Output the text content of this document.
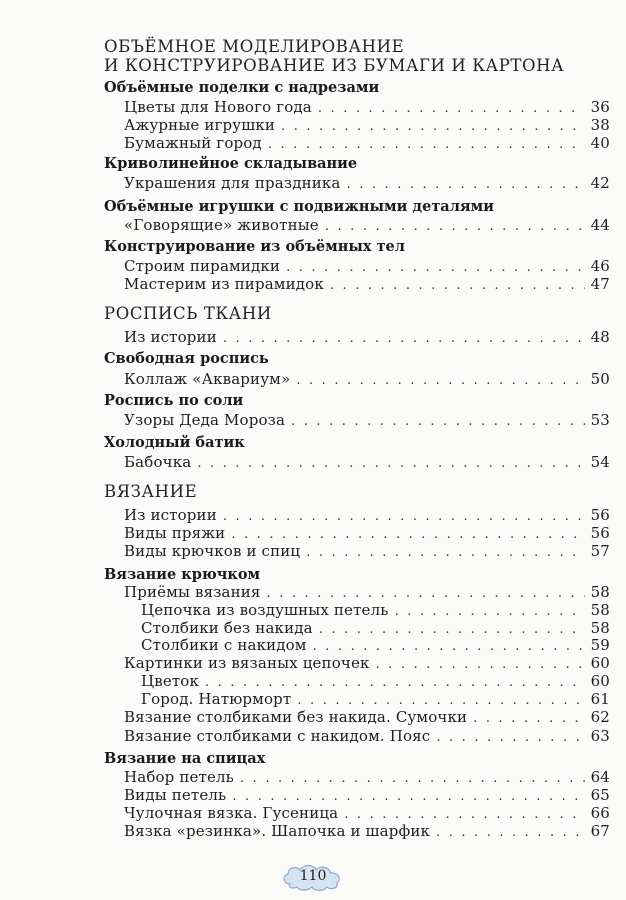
ОБЪЁМНОЕ МОДЕЛИРОВАНИЕ
И КОНСТРУИРОВАНИЕ ИЗ БУМАГИ И КАРТОНА
Объёмные поделки с надрезами
Цветы для Нового года . . .	36
Ажурные игрушки . . .	38
Бумажный город . . .	40
Криволинейное складывание
Украшения для праздника . . .	42
Объёмные игрушки с подвижными деталями
«Говорящие» животные . . .	44
Конструирование из объёмных тел
Строим пирамидки . . .	46
Мастерим из пирамидок . . .	47
РОСПИСЬ ТКАНИ
Из истории . . .	48
Свободная роспись
Коллаж «Аквариум» . . .	50
Роспись по соли
Узоры Деда Мороза . . .	53
Холодный батик
Бабочка . . .	54
ВЯЗАНИЕ
Из истории . . .	56
Виды пряжи . . .	56
Виды крючков и спиц . . .	57
Вязание крючком
Приёмы вязания . . .	58
Цепочка из воздушных петель . . .	58
Столбики без накида . . .	58
Столбики с накидом . . .	59
Картинки из вязаных цепочек . . .	60
Цветок . . .	60
Город. Натюрморт . . .	61
Вязание столбиками без накида. Сумочки . . .	62
Вязание столбиками с накидом. Пояс . . .	63
Вязание на спицах
Набор петель . . .	64
Виды петель . . .	65
Чулочная вязка. Гусеница . . .	66
Вязка «резинка». Шапочка и шарфик . . .	67
110
